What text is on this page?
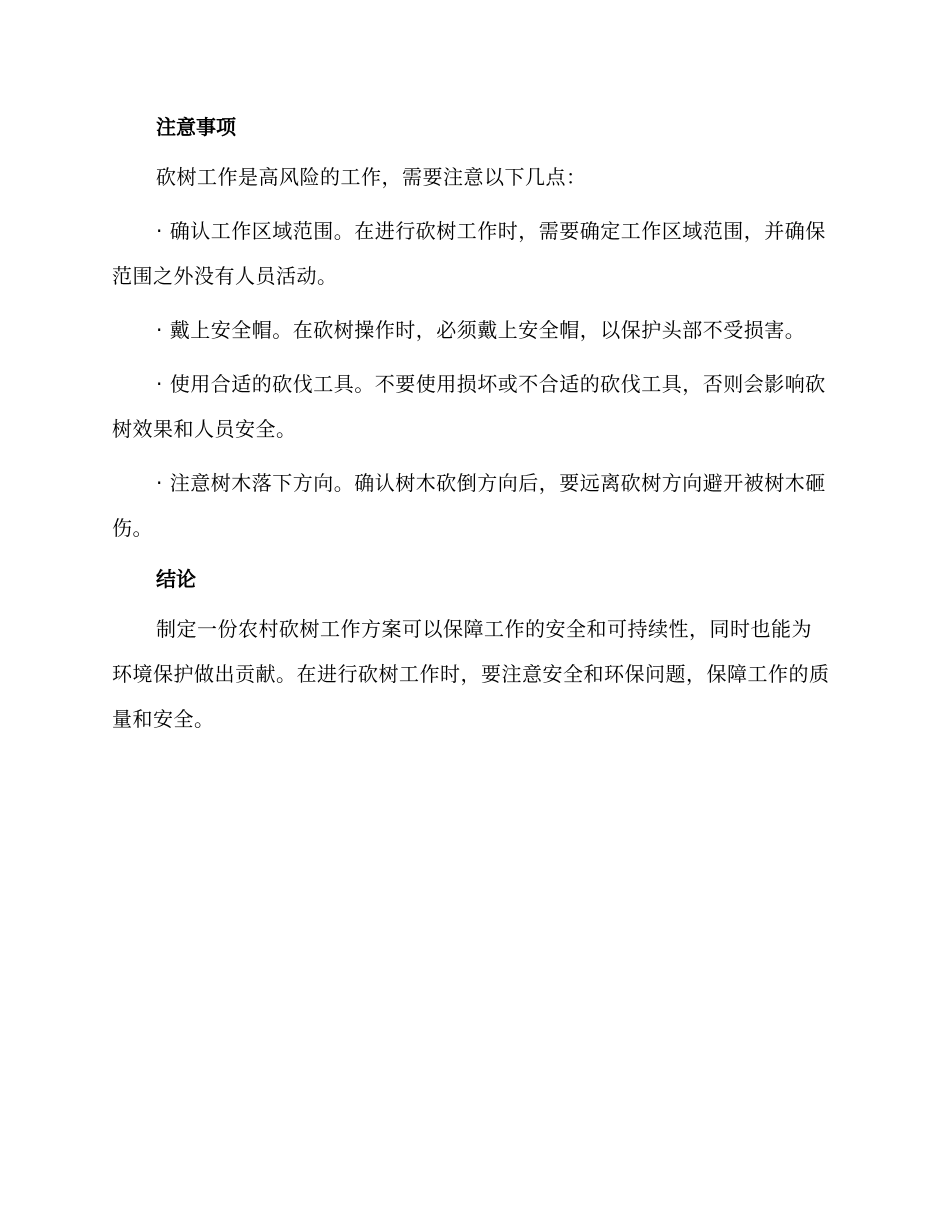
注意事项

砍树工作是高风险的工作，需要注意以下几点：

· 确认工作区域范围。在进行砍树工作时，需要确定工作区域范围，并确保范围之外没有人员活动。

· 戴上安全帽。在砍树操作时，必须戴上安全帽，以保护头部不受损害。

· 使用合适的砍伐工具。不要使用损坏或不合适的砍伐工具，否则会影响砍树效果和人员安全。

· 注意树木落下方向。确认树木砍倒方向后，要远离砍树方向避开被树木砸伤。

结论

制定一份农村砍树工作方案可以保障工作的安全和可持续性，同时也能为环境保护做出贡献。在进行砍树工作时，要注意安全和环保问题，保障工作的质量和安全。
